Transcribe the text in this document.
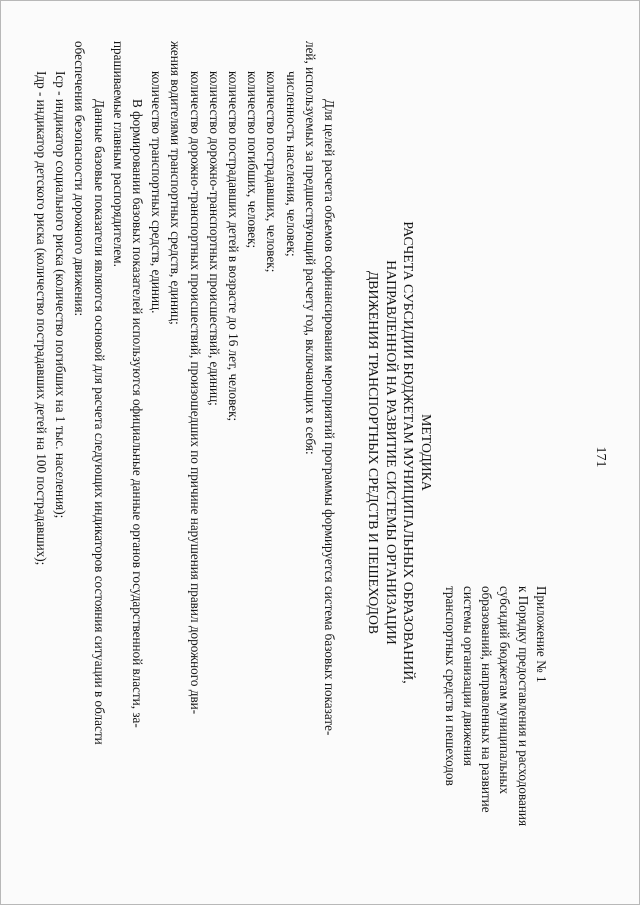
171
Приложение № 1
к Порядку предоставления и расходования
субсидий бюджетам муниципальных
образований, направленных на развитие
системы организации движения
транспортных средств и пешеходов
МЕТОДИКА
РАСЧЕТА СУБСИДИИ БЮДЖЕТАМ МУНИЦИПАЛЬНЫХ ОБРАЗОВАНИЙ,
НАПРАВЛЕННОЙ НА РАЗВИТИЕ СИСТЕМЫ ОРГАНИЗАЦИИ
ДВИЖЕНИЯ ТРАНСПОРТНЫХ СРЕДСТВ И ПЕШЕХОДОВ

Для целей расчета объемов софинансирования мероприятий программы формируется система базовых показате-

лей, используемых за предшествующий расчету год, включающих в себя:

численность населения, человек;

количество пострадавших, человек;

количество погибших, человек;

количество пострадавших детей в возрасте до 16 лет, человек;

количество дорожно-транспортных происшествий, единиц;

количество дорожно-транспортных происшествий, произошедших по причине нарушения правил дорожного дви-

жения водителями транспортных средств, единиц;

количество транспортных средств, единиц.

В формировании базовых показателей используются официальные данные органов государственной власти, за-

прашиваемые главным распорядителем.

Данные базовые показатели являются основой для расчета следующих индикаторов состояния ситуации в области

обеспечения безопасности дорожного движения:

Iср - индикатор социального риска (количество погибших на 1 тыс. населения);

Iдр - индикатор детского риска (количество пострадавших детей на 100 пострадавших);
